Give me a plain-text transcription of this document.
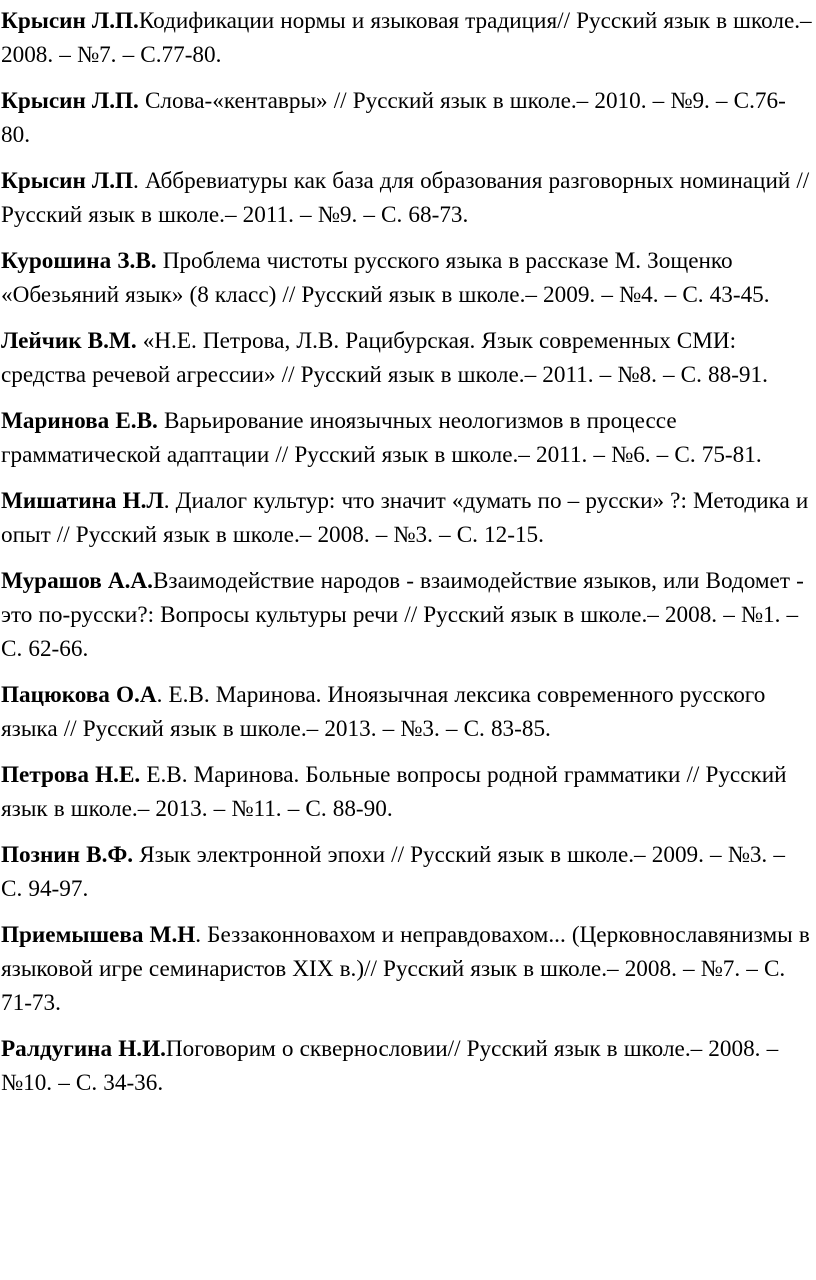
Крысин Л.П.Кодификации нормы и языковая традиция// Русский язык в школе.– 2008. – №7. – С.77-80.

Крысин Л.П. Слова-«кентавры» // Русский язык в школе.– 2010. – №9. – С.76-80.

Крысин Л.П. Аббревиатуры как база для образования разговорных номинаций // Русский язык в школе.– 2011. – №9. – С. 68-73.

Курошина З.В. Проблема чистоты русского языка в рассказе М. Зощенко «Обезьяний язык» (8 класс) // Русский язык в школе.– 2009. – №4. – С. 43-45.

Лейчик В.М. «Н.Е. Петрова, Л.В. Рацибурская. Язык современных СМИ: средства речевой агрессии» // Русский язык в школе.– 2011. – №8. – С. 88-91.

Маринова Е.В. Варьирование иноязычных неологизмов в процессе грамматической адаптации // Русский язык в школе.– 2011. – №6. – С. 75-81.

Мишатина Н.Л. Диалог культур: что значит «думать по – русски» ?: Методика и опыт // Русский язык в школе.– 2008. – №3. – С. 12-15.

Мурашов А.А.Взаимодействие народов - взаимодействие языков, или Водомет - это по-русски?: Вопросы культуры речи // Русский язык в школе.– 2008. – №1. – С. 62-66.

Пацюкова О.А. Е.В. Маринова. Иноязычная лексика современного русского языка // Русский язык в школе.– 2013. – №3. – С. 83-85.

Петрова Н.Е. Е.В. Маринова. Больные вопросы родной грамматики // Русский язык в школе.– 2013. – №11. – С. 88-90.

Познин В.Ф. Язык электронной эпохи // Русский язык в школе.– 2009. – №3. – С. 94-97.

Приемышева М.Н. Беззаконновахом и неправдовахом... (Церковнославянизмы в языковой игре семинаристов XIX в.)// Русский язык в школе.– 2008. – №7. – С. 71-73.

Ралдугина Н.И.Поговорим о сквернословии// Русский язык в школе.– 2008. – №10. – С. 34-36.
